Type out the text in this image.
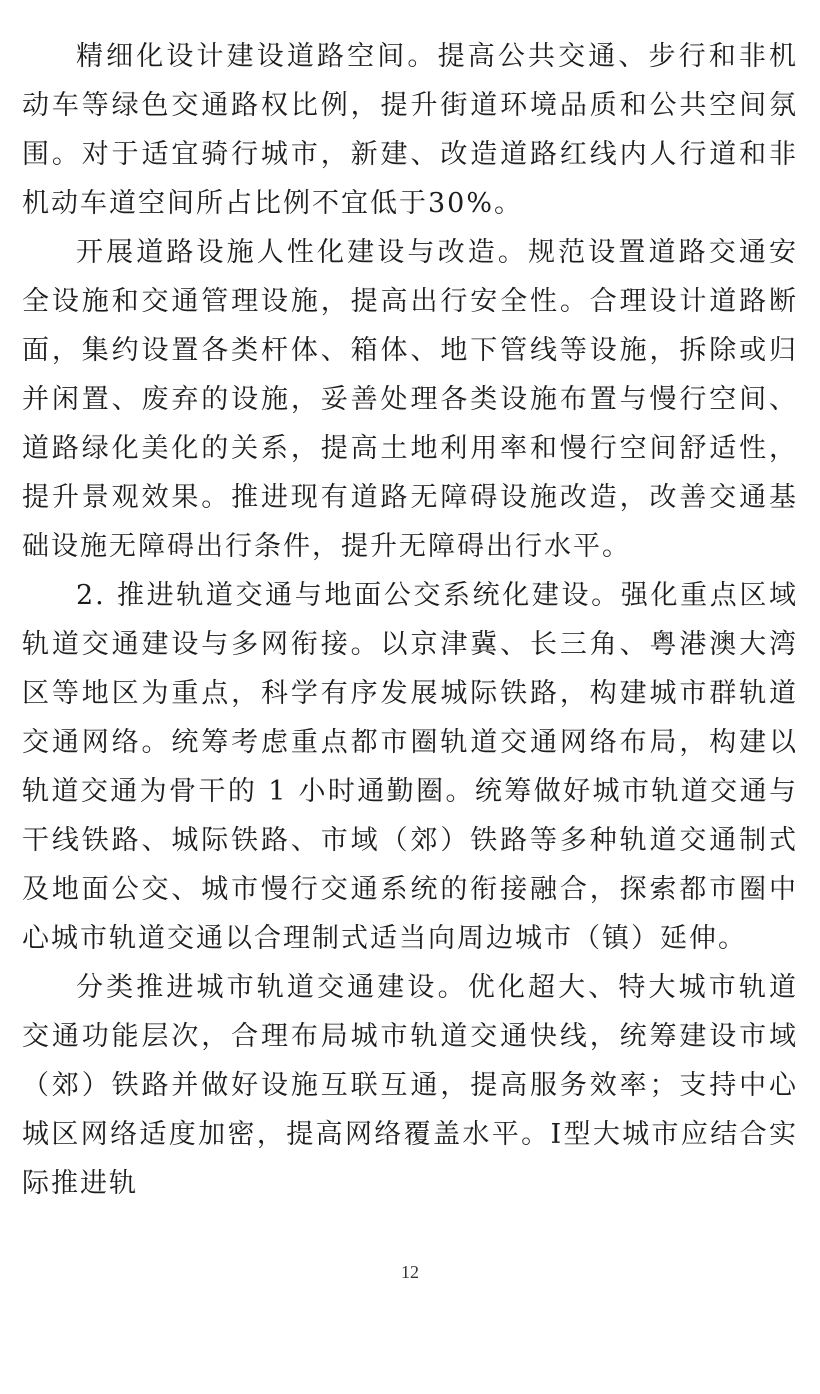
精细化设计建设道路空间。提高公共交通、步行和非机动车等绿色交通路权比例，提升街道环境品质和公共空间氛围。对于适宜骑行城市，新建、改造道路红线内人行道和非机动车道空间所占比例不宜低于30%。

开展道路设施人性化建设与改造。规范设置道路交通安全设施和交通管理设施，提高出行安全性。合理设计道路断面，集约设置各类杆体、箱体、地下管线等设施，拆除或归并闲置、废弃的设施，妥善处理各类设施布置与慢行空间、道路绿化美化的关系，提高土地利用率和慢行空间舒适性，提升景观效果。推进现有道路无障碍设施改造，改善交通基础设施无障碍出行条件，提升无障碍出行水平。

2. 推进轨道交通与地面公交系统化建设。强化重点区域轨道交通建设与多网衔接。以京津冀、长三角、粤港澳大湾区等地区为重点，科学有序发展城际铁路，构建城市群轨道交通网络。统筹考虑重点都市圈轨道交通网络布局，构建以轨道交通为骨干的 1 小时通勤圈。统筹做好城市轨道交通与干线铁路、城际铁路、市域（郊）铁路等多种轨道交通制式及地面公交、城市慢行交通系统的衔接融合，探索都市圈中心城市轨道交通以合理制式适当向周边城市（镇）延伸。

分类推进城市轨道交通建设。优化超大、特大城市轨道交通功能层次，合理布局城市轨道交通快线，统筹建设市域（郊）铁路并做好设施互联互通，提高服务效率；支持中心城区网络适度加密，提高网络覆盖水平。I型大城市应结合实际推进轨

12
